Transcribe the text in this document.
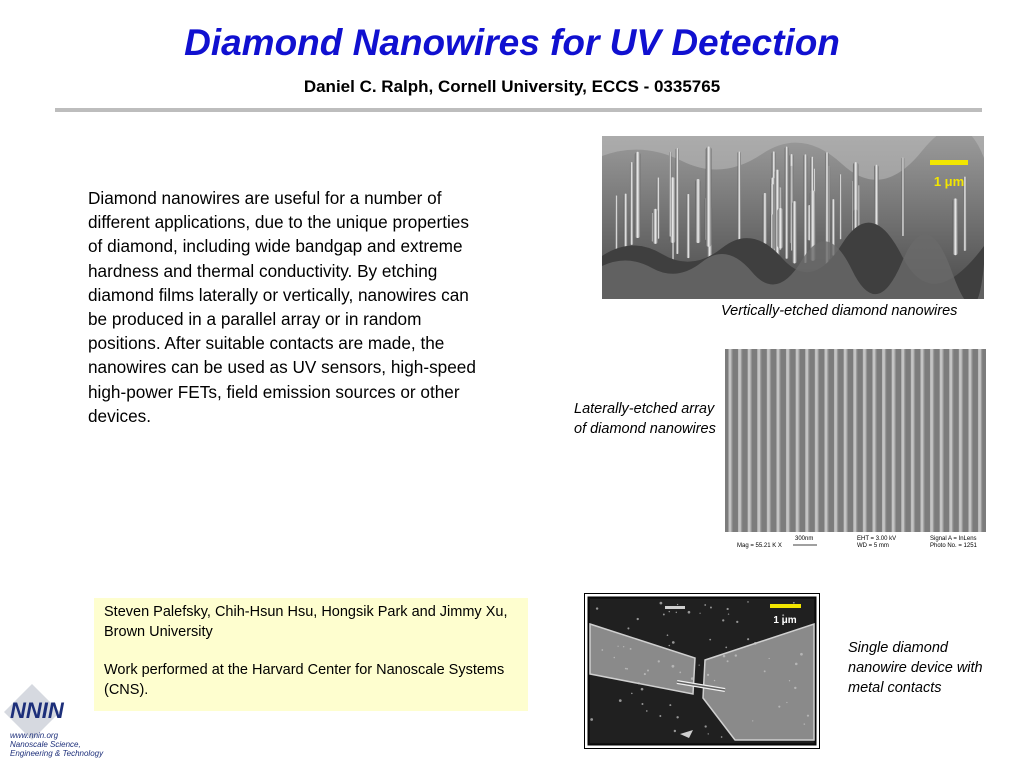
Diamond Nanowires for UV Detection
Daniel C. Ralph, Cornell University, ECCS - 0335765
Diamond nanowires are useful for a number of different applications, due to the unique properties of diamond, including wide bandgap and extreme hardness and thermal conductivity. By etching diamond films laterally or vertically, nanowires can be produced in a parallel array or in random positions. After suitable contacts are made, the nanowires can be used as UV sensors, high-speed high-power FETs, field emission sources or other devices.
1 μm
Vertically-etched diamond nanowires
300nm
Mag = 55.21 K X
EHT = 3.00 kV
WD = 5 mm
Signal A = InLens
Photo No. = 1251
Laterally-etched array of diamond nanowires
1 μm
Single diamond nanowire device with metal contacts

Steven Palefsky, Chih-Hsun Hsu, Hongsik Park and Jimmy Xu, Brown University

Work performed at the Harvard Center for Nanoscale Systems (CNS).

NNIN
www.nnin.org
Nanoscale Science,
Engineering & Technology
